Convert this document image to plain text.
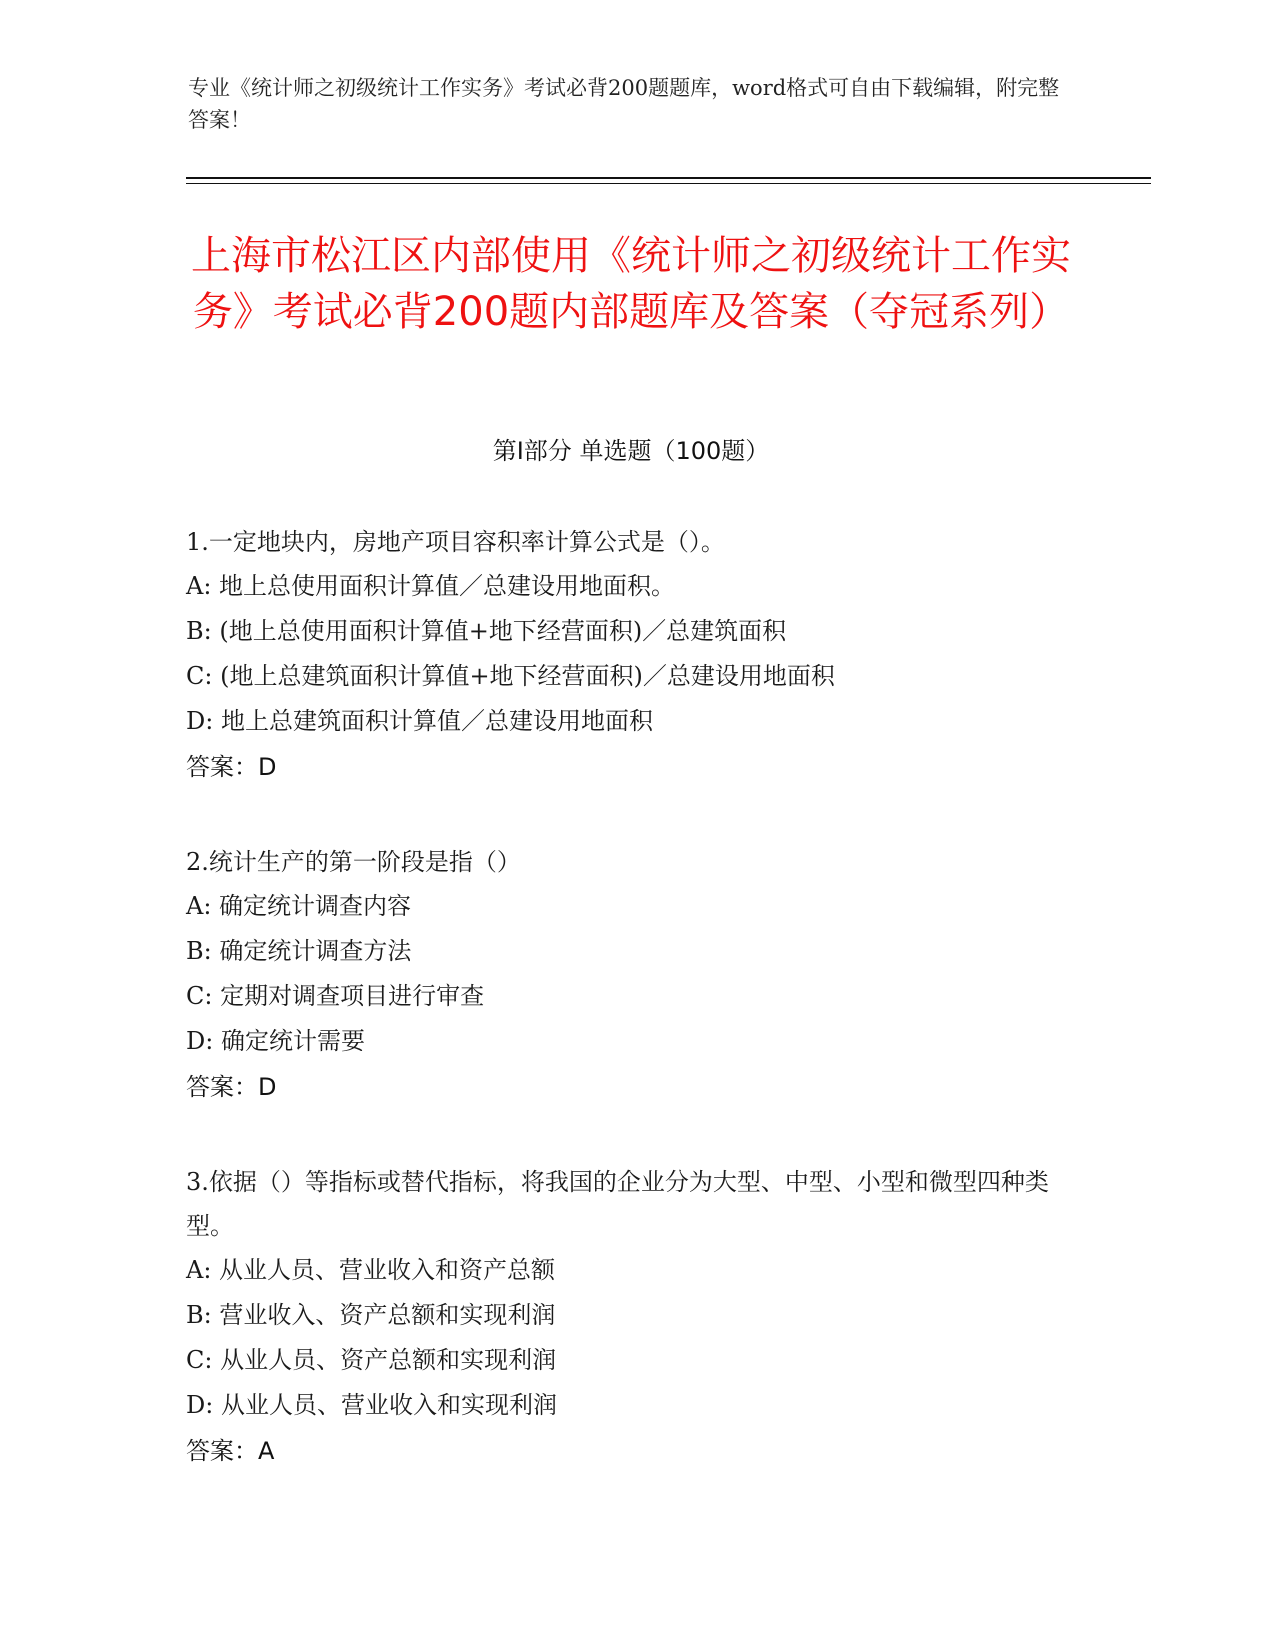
专业《统计师之初级统计工作实务》考试必背200题题库，word格式可自由下载编辑，附完整答案！
上海市松江区内部使用《统计师之初级统计工作实务》考试必背200题内部题库及答案（夺冠系列）
第I部分 单选题（100题）
1.一定地块内，房地产项目容积率计算公式是（）。
A: 地上总使用面积计算值／总建设用地面积。
B: (地上总使用面积计算值+地下经营面积)／总建筑面积
C: (地上总建筑面积计算值+地下经营面积)／总建设用地面积
D: 地上总建筑面积计算值／总建设用地面积
答案：D
2.统计生产的第一阶段是指（）
A: 确定统计调查内容
B: 确定统计调查方法
C: 定期对调查项目进行审查
D: 确定统计需要
答案：D
3.依据（）等指标或替代指标，将我国的企业分为大型、中型、小型和微型四种类型。
A: 从业人员、营业收入和资产总额
B: 营业收入、资产总额和实现利润
C: 从业人员、资产总额和实现利润
D: 从业人员、营业收入和实现利润
答案：A
